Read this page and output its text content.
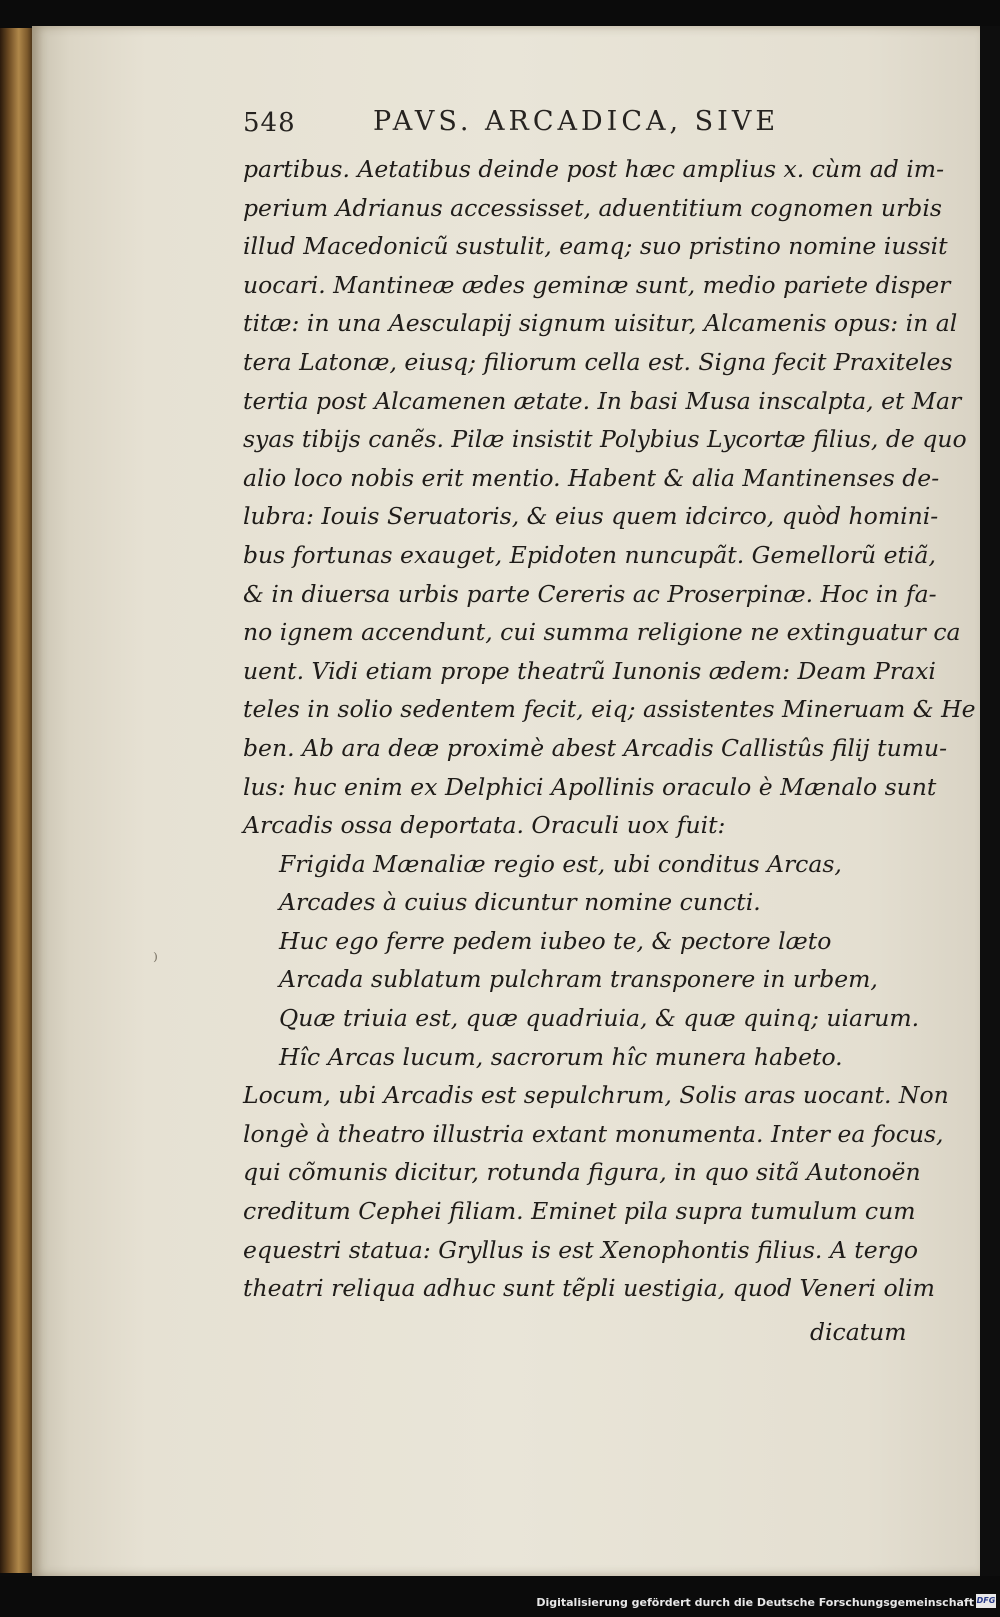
548	PAVS. ARCADICA, SIVE
partibus. Aetatibus deinde post hæc amplius x. cùm ad im-
perium Adrianus accessisset, aduentitium cognomen urbis
illud Macedonicũ sustulit, eamq; suo pristino nomine iussit
uocari. Mantineæ ædes geminæ sunt, medio pariete disper
titæ: in una Aesculapij signum uisitur, Alcamenis opus: in al
tera Latonæ, eiusq; filiorum cella est. Signa fecit Praxiteles
tertia post Alcamenen ætate. In basi Musa inscalpta, et Mar
syas tibijs canẽs. Pilæ insistit Polybius Lycortæ filius, de quo
alio loco nobis erit mentio. Habent & alia Mantinenses de-
lubra: Iouis Seruatoris, & eius quem idcirco, quòd homini-
bus fortunas exauget, Epidoten nuncupãt. Gemellorũ etiã,
& in diuersa urbis parte Cereris ac Proserpinæ. Hoc in fa-
no ignem accendunt, cui summa religione ne extinguatur ca
uent. Vidi etiam prope theatrũ Iunonis ædem: Deam Praxi
teles in solio sedentem fecit, eiq; assistentes Mineruam & He
ben. Ab ara deæ proximè abest Arcadis Callistûs filij tumu-
lus: huc enim ex Delphici Apollinis oraculo è Mænalo sunt
Arcadis ossa deportata. Oraculi uox fuit:
Frigida Mænaliæ regio est, ubi conditus Arcas,
Arcades à cuius dicuntur nomine cuncti.
Huc ego ferre pedem iubeo te, & pectore læto
Arcada sublatum pulchram transponere in urbem,
Quæ triuia est, quæ quadriuia, & quæ quinq; uiarum.
Hîc Arcas lucum, sacrorum hîc munera habeto.
Locum, ubi Arcadis est sepulchrum, Solis aras uocant. Non
longè à theatro illustria extant monumenta. Inter ea focus,
qui cõmunis dicitur, rotunda figura, in quo sitã Autonoën
creditum Cephei filiam. Eminet pila supra tumulum cum
equestri statua: Gryllus is est Xenophontis filius. A tergo
theatri reliqua adhuc sunt tẽpli uestigia, quod Veneri olim
dicatum
⁾
Digitalisierung gefördert durch die Deutsche Forschungsgemeinschaft DFG
